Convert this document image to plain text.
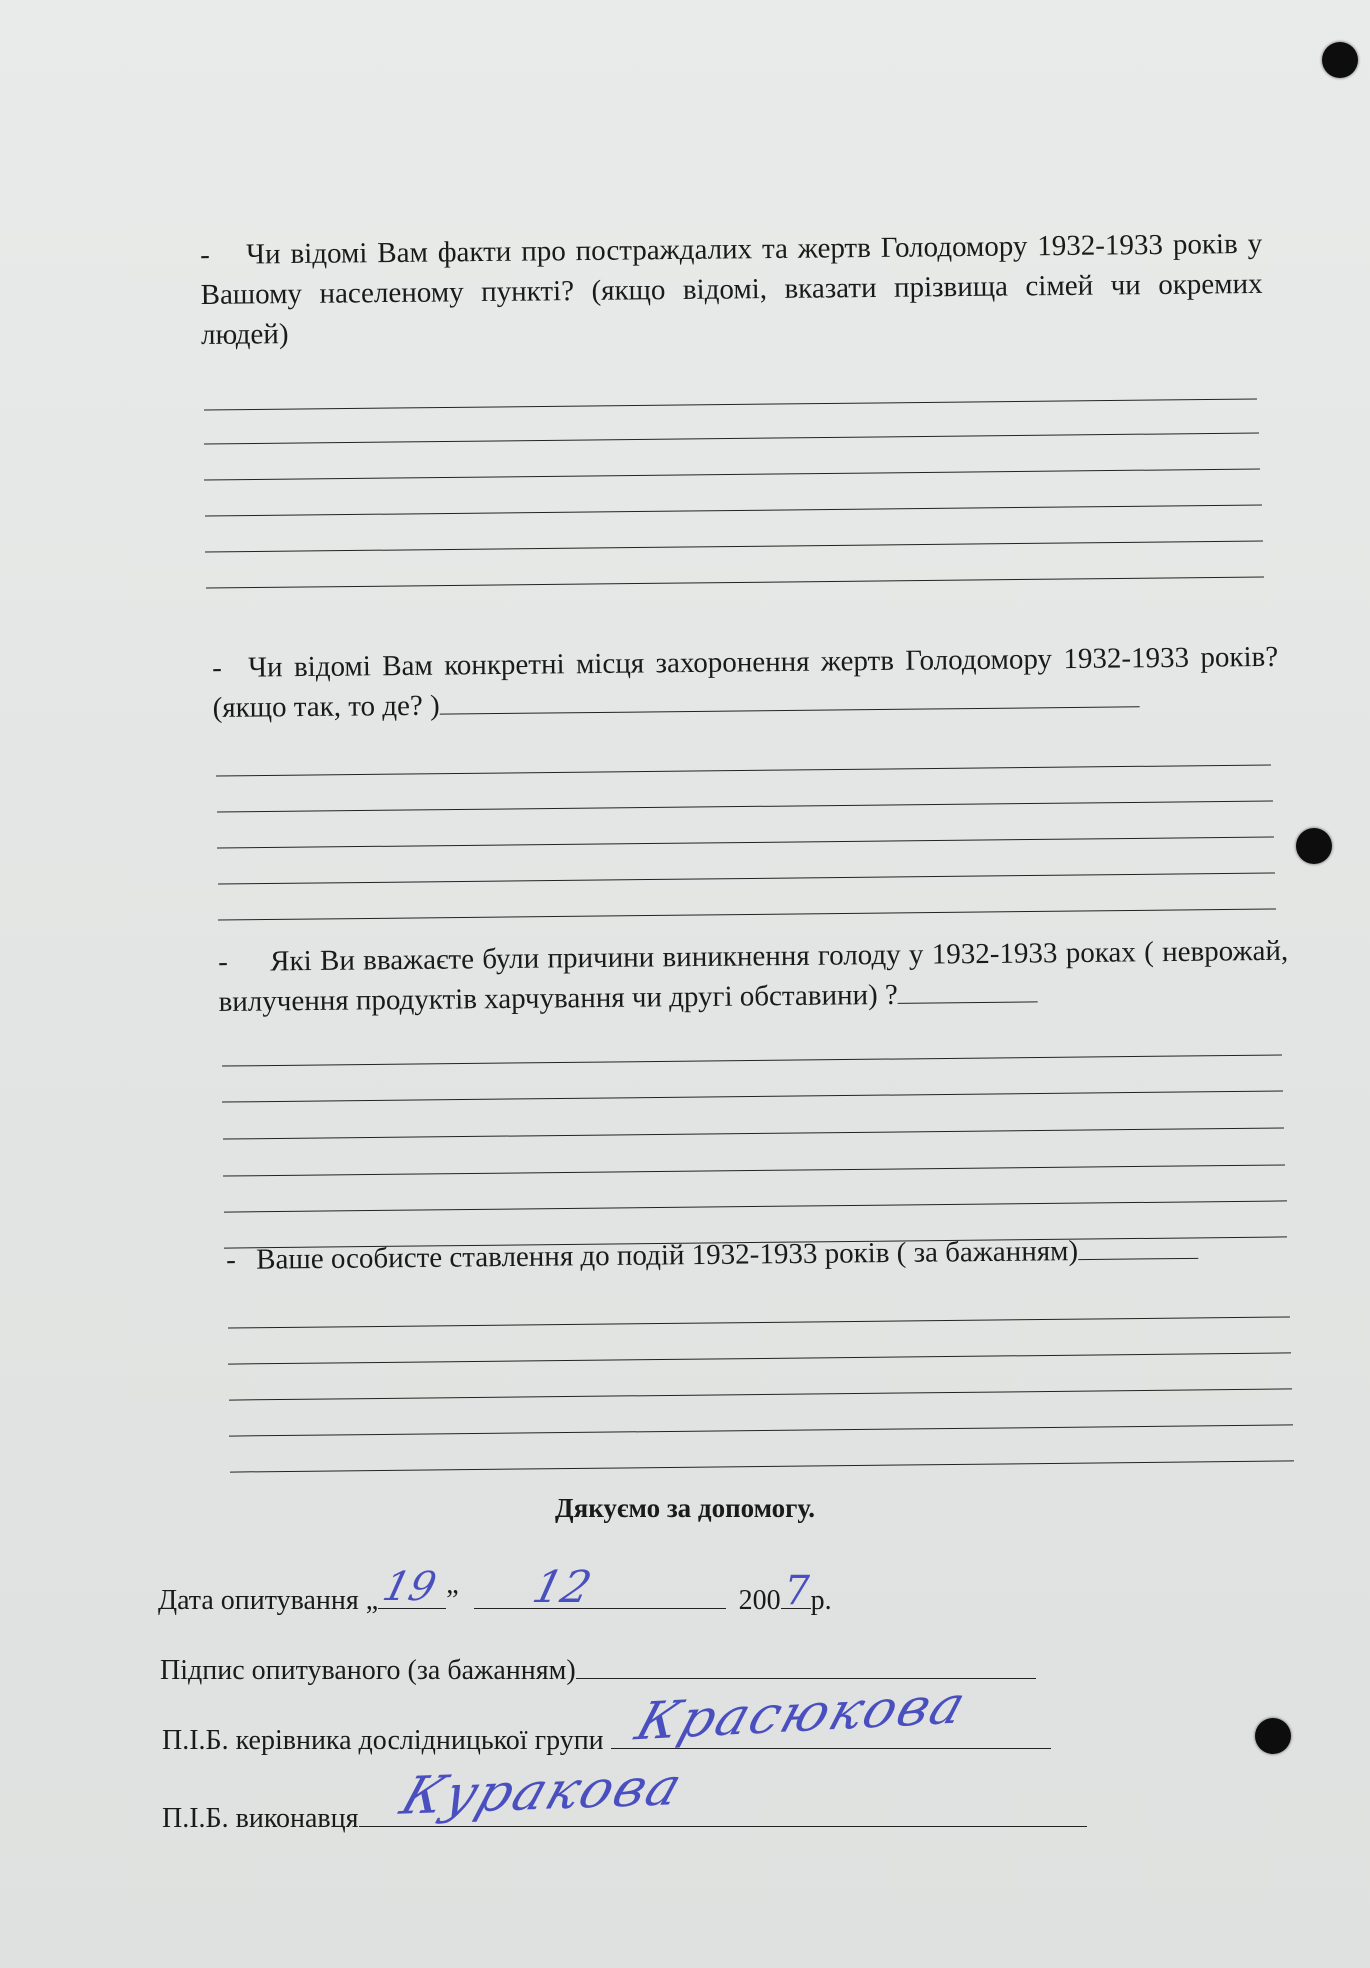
- Чи відомі Вам факти про постраждалих та жертв Голодомору 1932-1933 років у Вашому населеному пункті? (якщо відомі, вказати прізвища сімей чи окремих людей)

- Чи відомі Вам конкретні місця захоронення жертв Голодомору 1932-1933 років? (якщо так, то де? )

- Які Ви вважаєте були причини виникнення голоду у 1932-1933 роках ( неврожай, вилучення продуктів харчування чи другі обставини) ?

- Ваше особисте ставлення до подій 1932-1933 років ( за бажанням)

Дякуємо за допомогу.
Дата опитування „ 19 ” 12	200 7 р.
Підпис опитуваного (за бажанням)
П.І.Б. керівника дослідницької групи Красюкова
П.І.Б. виконавця Куракова
